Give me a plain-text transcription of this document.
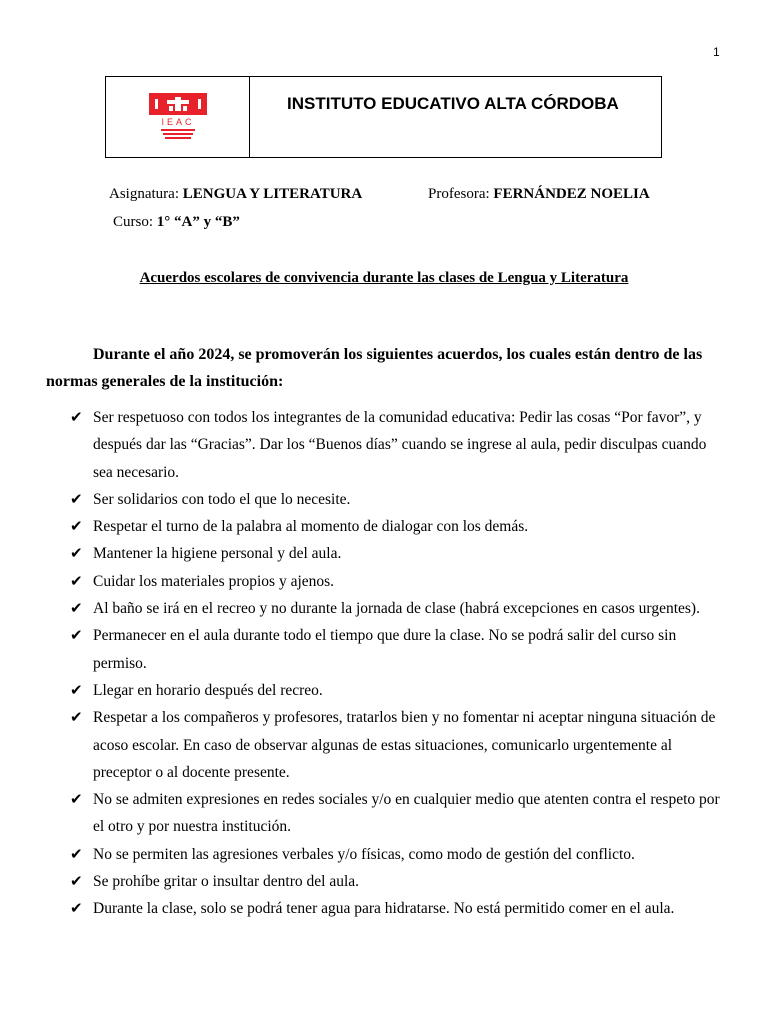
1
IEAC
INSTITUTO EDUCATIVO ALTA CÓRDOBA
Asignatura: LENGUA Y LITERATURA	Profesora: FERNÁNDEZ NOELIA
Curso: 1° “A” y “B”
Acuerdos escolares de convivencia durante las clases de Lengua y Literatura
Durante el año 2024, se promoverán los siguientes acuerdos, los cuales están dentro de las normas generales de la institución:
✔ Ser respetuoso con todos los integrantes de la comunidad educativa: Pedir las cosas “Por favor”, y después dar las “Gracias”. Dar los “Buenos días” cuando se ingrese al aula, pedir disculpas cuando sea necesario.
✔ Ser solidarios con todo el que lo necesite.
✔ Respetar el turno de la palabra al momento de dialogar con los demás.
✔ Mantener la higiene personal y del aula.
✔ Cuidar los materiales propios y ajenos.
✔ Al baño se irá en el recreo y no durante la jornada de clase (habrá excepciones en casos urgentes).
✔ Permanecer en el aula durante todo el tiempo que dure la clase. No se podrá salir del curso sin permiso.
✔ Llegar en horario después del recreo.
✔ Respetar a los compañeros y profesores, tratarlos bien y no fomentar ni aceptar ninguna situación de acoso escolar. En caso de observar algunas de estas situaciones, comunicarlo urgentemente al preceptor o al docente presente.
✔ No se admiten expresiones en redes sociales y/o en cualquier medio que atenten contra el respeto por el otro y por nuestra institución.
✔ No se permiten las agresiones verbales y/o físicas, como modo de gestión del conflicto.
✔ Se prohíbe gritar o insultar dentro del aula.
✔ Durante la clase, solo se podrá tener agua para hidratarse. No está permitido comer en el aula.
